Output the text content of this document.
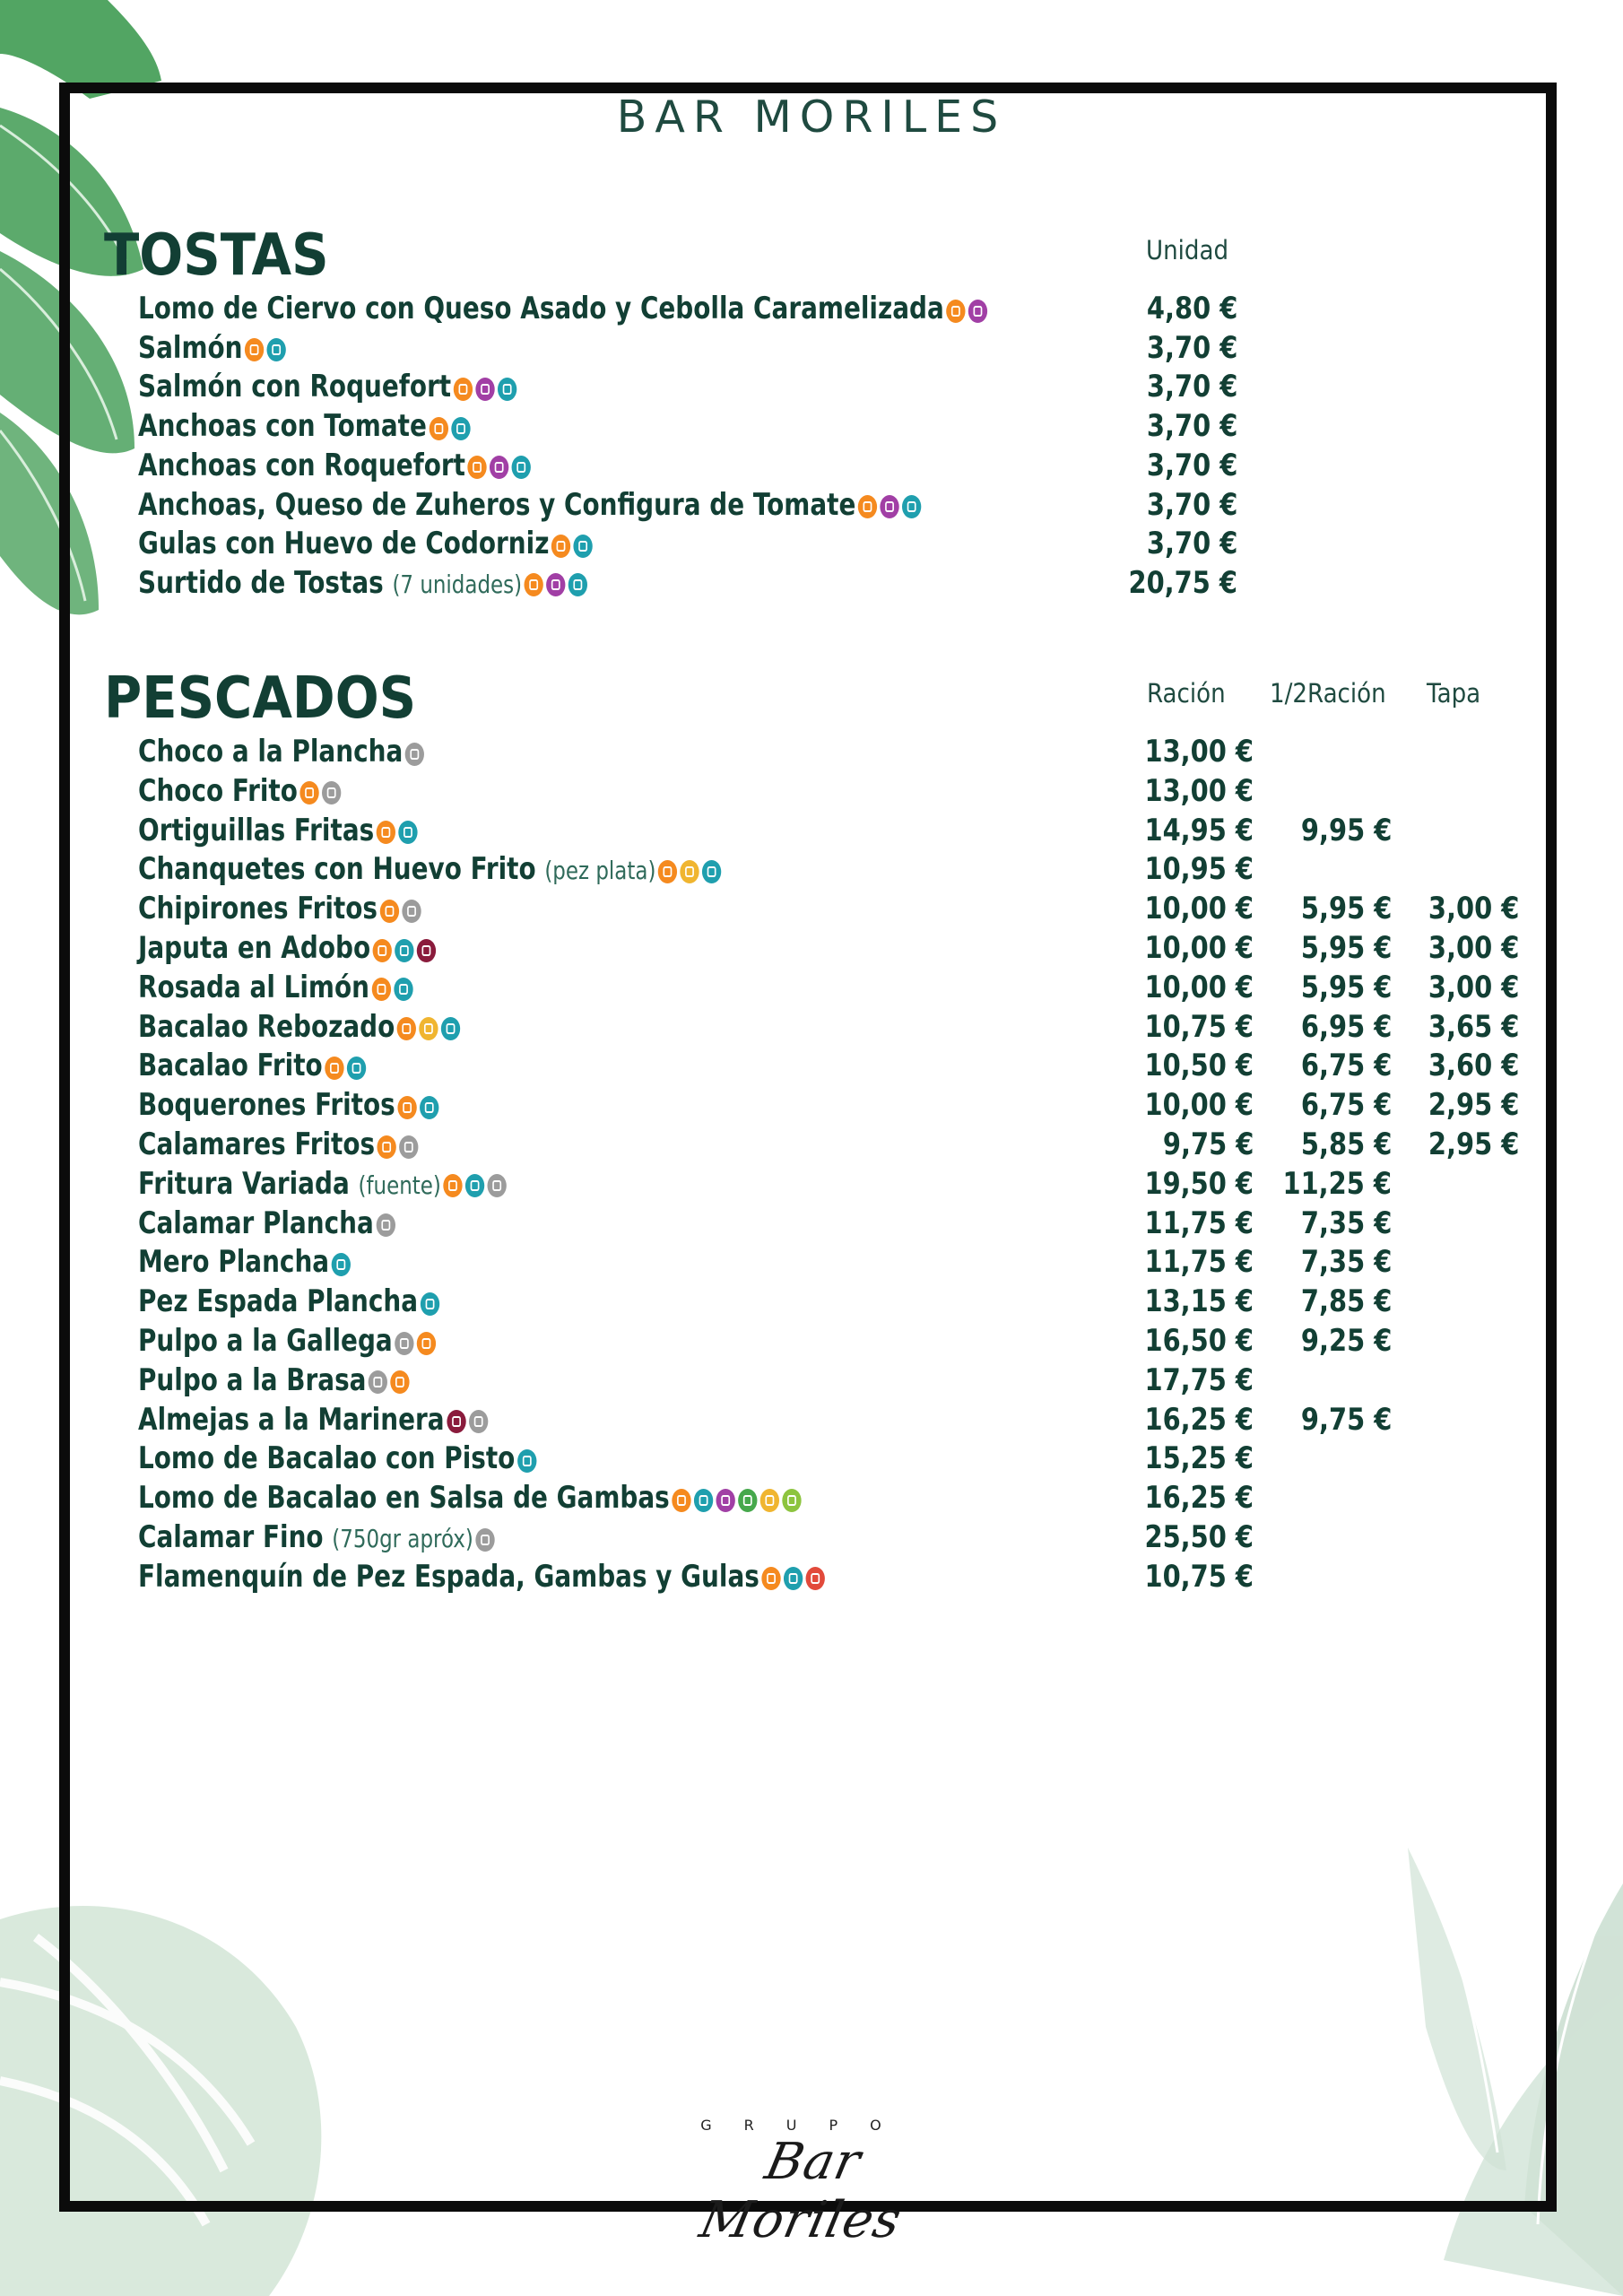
BAR MORILES
TOSTAS	Unidad
Lomo de Ciervo con Queso Asado y Cebolla Caramelizada	4,80 €
Salmón	3,70 €
Salmón con Roquefort	3,70 €
Anchoas con Tomate	3,70 €
Anchoas con Roquefort	3,70 €
Anchoas, Queso de Zuheros y Configura de Tomate	3,70 €
Gulas con Huevo de Codorniz	3,70 €
Surtido de Tostas (7 unidades)	20,75 €
PESCADOS	Ración 1/2Ración Tapa
Choco a la Plancha	13,00 €
Choco Frito	13,00 €
Ortiguillas Fritas	14,95 € 9,95 €
Chanquetes con Huevo Frito (pez plata)	10,95 €
Chipirones Fritos	10,00 € 5,95 € 3,00 €
Japuta en Adobo	10,00 € 5,95 € 3,00 €
Rosada al Limón	10,00 € 5,95 € 3,00 €
Bacalao Rebozado	10,75 € 6,95 € 3,65 €
Bacalao Frito	10,50 € 6,75 € 3,60 €
Boquerones Fritos	10,00 € 6,75 € 2,95 €
Calamares Fritos	9,75 € 5,85 € 2,95 €
Fritura Variada (fuente)	19,50 € 11,25 €
Calamar Plancha	11,75 € 7,35 €
Mero Plancha	11,75 € 7,35 €
Pez Espada Plancha	13,15 € 7,85 €
Pulpo a la Gallega	16,50 € 9,25 €
Pulpo a la Brasa	17,75 €
Almejas a la Marinera	16,25 € 9,75 €
Lomo de Bacalao con Pisto	15,25 €
Lomo de Bacalao en Salsa de Gambas	16,25 €
Calamar Fino (750gr apróx)	25,50 €
Flamenquín de Pez Espada, Gambas y Gulas	10,75 €
GRUPO
Bar Moriles
